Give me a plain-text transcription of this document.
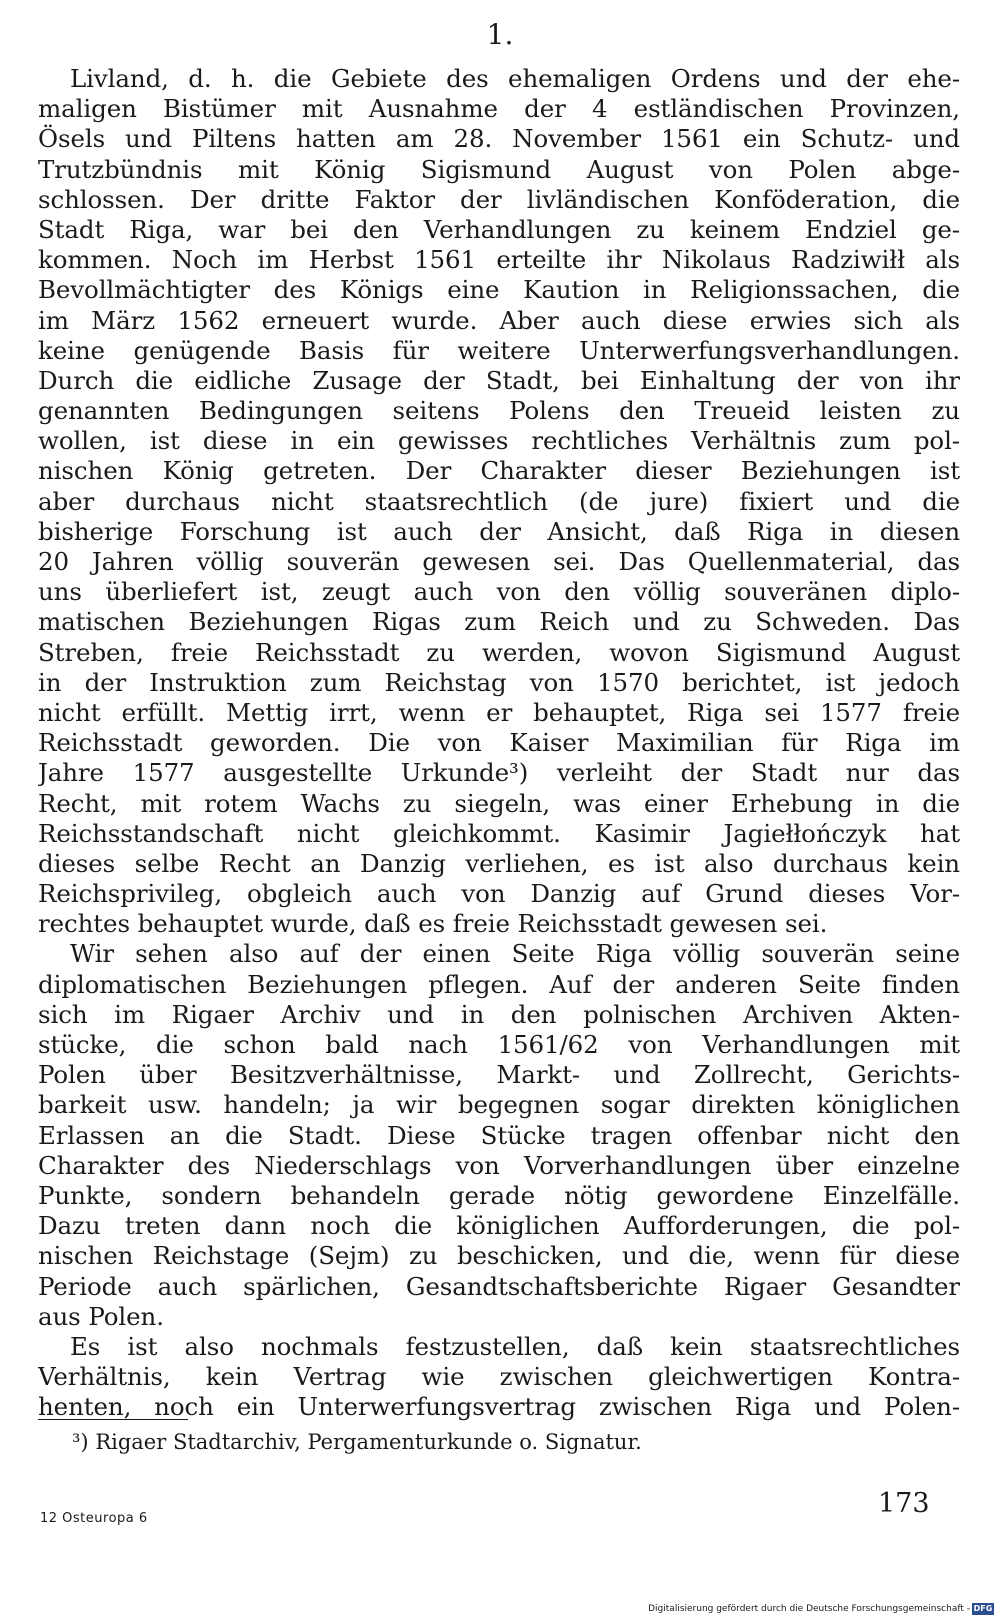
1.
Livland, d. h. die Gebiete des ehemaligen Ordens und der ehe-
maligen Bistümer mit Ausnahme der 4 estländischen Provinzen,
Ösels und Piltens hatten am 28. November 1561 ein Schutz- und
Trutzbündnis mit König Sigismund August von Polen abge-
schlossen. Der dritte Faktor der livländischen Konföderation, die
Stadt Riga, war bei den Verhandlungen zu keinem Endziel ge-
kommen. Noch im Herbst 1561 erteilte ihr Nikolaus Radziwiłł als
Bevollmächtigter des Königs eine Kaution in Religionssachen, die
im März 1562 erneuert wurde. Aber auch diese erwies sich als
keine genügende Basis für weitere Unterwerfungsverhandlungen.
Durch die eidliche Zusage der Stadt, bei Einhaltung der von ihr
genannten Bedingungen seitens Polens den Treueid leisten zu
wollen, ist diese in ein gewisses rechtliches Verhältnis zum pol-
nischen König getreten. Der Charakter dieser Beziehungen ist
aber durchaus nicht staatsrechtlich (de jure) fixiert und die
bisherige Forschung ist auch der Ansicht, daß Riga in diesen
20 Jahren völlig souverän gewesen sei. Das Quellenmaterial, das
uns überliefert ist, zeugt auch von den völlig souveränen diplo-
matischen Beziehungen Rigas zum Reich und zu Schweden. Das
Streben, freie Reichsstadt zu werden, wovon Sigismund August
in der Instruktion zum Reichstag von 1570 berichtet, ist jedoch
nicht erfüllt. Mettig irrt, wenn er behauptet, Riga sei 1577 freie
Reichsstadt geworden. Die von Kaiser Maximilian für Riga im
Jahre 1577 ausgestellte Urkunde³) verleiht der Stadt nur das
Recht, mit rotem Wachs zu siegeln, was einer Erhebung in die
Reichsstandschaft nicht gleichkommt. Kasimir Jagiełłończyk hat
dieses selbe Recht an Danzig verliehen, es ist also durchaus kein
Reichsprivileg, obgleich auch von Danzig auf Grund dieses Vor-
rechtes behauptet wurde, daß es freie Reichsstadt gewesen sei.
Wir sehen also auf der einen Seite Riga völlig souverän seine
diplomatischen Beziehungen pflegen. Auf der anderen Seite finden
sich im Rigaer Archiv und in den polnischen Archiven Akten-
stücke, die schon bald nach 1561/62 von Verhandlungen mit
Polen über Besitzverhältnisse, Markt- und Zollrecht, Gerichts-
barkeit usw. handeln; ja wir begegnen sogar direkten königlichen
Erlassen an die Stadt. Diese Stücke tragen offenbar nicht den
Charakter des Niederschlags von Vorverhandlungen über einzelne
Punkte, sondern behandeln gerade nötig gewordene Einzelfälle.
Dazu treten dann noch die königlichen Aufforderungen, die pol-
nischen Reichstage (Sejm) zu beschicken, und die, wenn für diese
Periode auch spärlichen, Gesandtschaftsberichte Rigaer Gesandter
aus Polen.
Es ist also nochmals festzustellen, daß kein staatsrechtliches
Verhältnis, kein Vertrag wie zwischen gleichwertigen Kontra-
henten, noch ein Unterwerfungsvertrag zwischen Riga und Polen-
³) Rigaer Stadtarchiv, Pergamenturkunde o. Signatur.
12 Osteuropa 6	173
Digitalisierung gefördert durch die Deutsche Forschungsgemeinschaft - DFG
